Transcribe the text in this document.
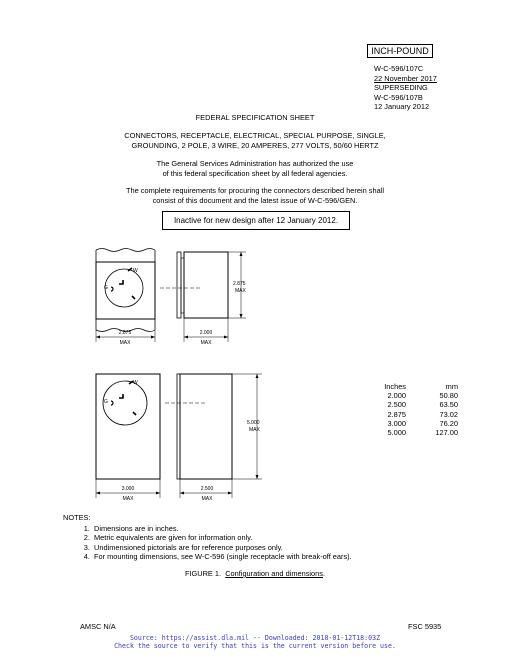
INCH-POUND
W-C-596/107C
22 November 2017
SUPERSEDING
W-C-596/107B
12 January 2012
FEDERAL SPECIFICATION SHEET
CONNECTORS, RECEPTACLE, ELECTRICAL, SPECIAL PURPOSE, SINGLE,
GROUNDING, 2 POLE, 3 WIRE, 20 AMPERES, 277 VOLTS, 50/60 HERTZ
The General Services Administration has authorized the use
of this federal specification sheet by all federal agencies.
The complete requirements for procuring the connectors described herein shall
consist of this document and the latest issue of W-C-596/GEN.
Inactive for new design after 12 January 2012.
W
G
2.875
MAX
2.875
MAX
2.000
MAX
W
G
3.000
MAX
5.000
MAX
2.500
MAX
Inches	mm
2.000	50.80
2.500	63.50
2.875	73.02
3.000	76.20
5.000	127.00
NOTES:
1. Dimensions are in inches.
2. Metric equivalents are given for information only.
3. Undimensioned pictorials are for reference purposes only.
4. For mounting dimensions, see W-C-596 (single receptacle with break-off ears).
FIGURE 1. Configuration and dimensions.
AMSC N/A	FSC 5935
Source: https://assist.dla.mil -- Downloaded: 2018-01-12T18:03Z
Check the source to verify that this is the current version before use.
